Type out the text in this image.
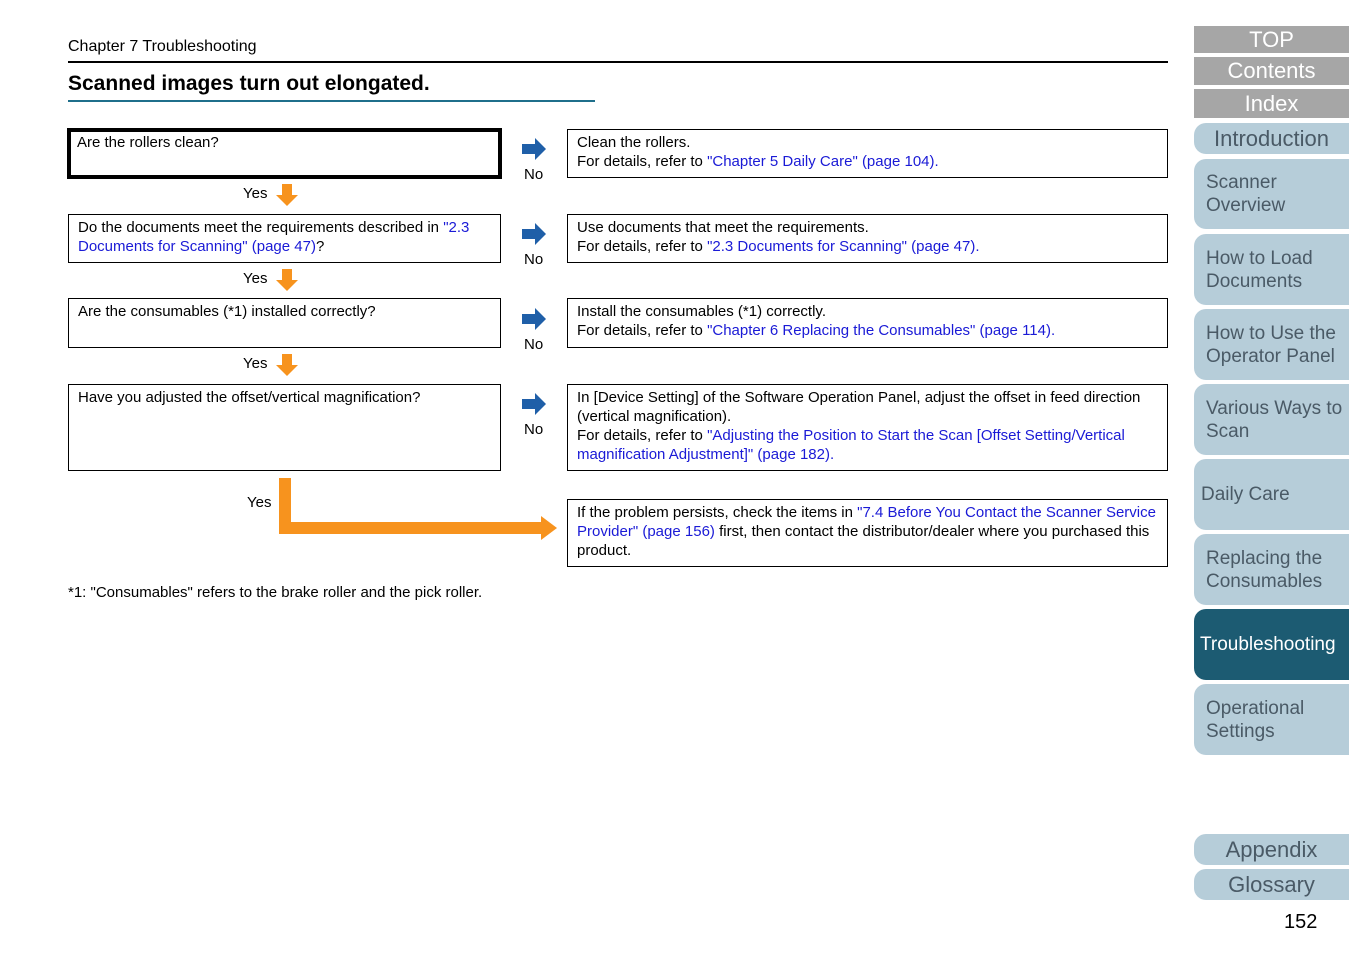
Chapter 7 Troubleshooting
Scanned images turn out elongated.
Are the rollers clean?
No
Clean the rollers.
For details, refer to "Chapter 5 Daily Care" (page 104).
Yes
Do the documents meet the requirements described in "2.3 Documents for Scanning" (page 47)?
No
Use documents that meet the requirements.
For details, refer to "2.3 Documents for Scanning" (page 47).
Yes
Are the consumables (*1) installed correctly?
No
Install the consumables (*1) correctly.
For details, refer to "Chapter 6 Replacing the Consumables" (page 114).
Yes
Have you adjusted the offset/vertical magnification?
No
In [Device Setting] of the Software Operation Panel, adjust the offset in feed direction (vertical magnification).
For details, refer to "Adjusting the Position to Start the Scan [Offset Setting/Vertical magnification Adjustment]" (page 182).
Yes
If the problem persists, check the items in "7.4 Before You Contact the Scanner Service Provider" (page 156) first, then contact the distributor/dealer where you purchased this product.
*1: "Consumables" refers to the brake roller and the pick roller.
TOP
Contents
Index
Introduction
Scanner Overview
How to Load Documents
How to Use the Operator Panel
Various Ways to Scan
Daily Care
Replacing the Consumables
Troubleshooting
Operational Settings
Appendix
Glossary
152
